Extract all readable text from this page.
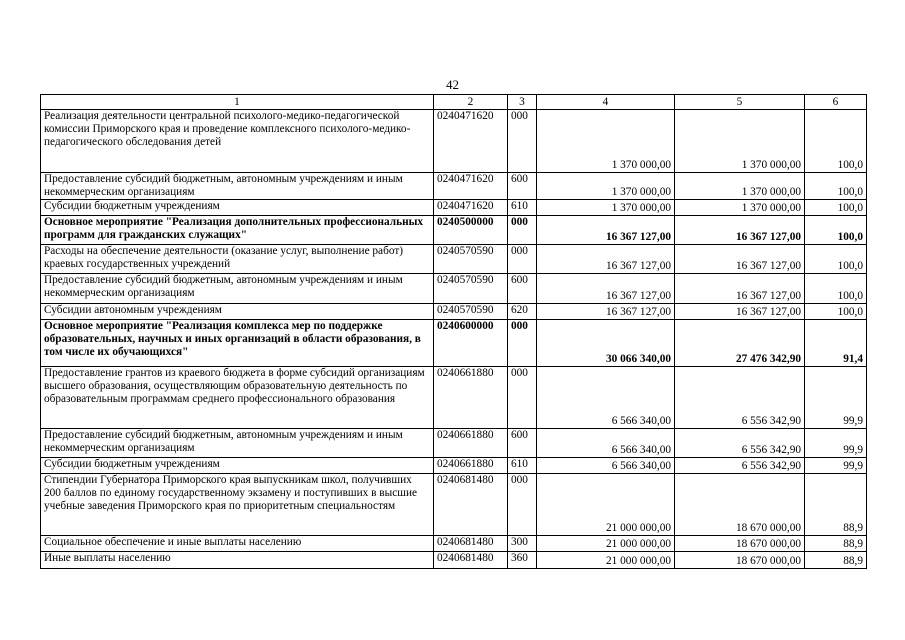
42
1	2	3	4	5	6
Реализация деятельности центральной психолого-медико-педагогической комиссии Приморского края и проведение комплексного психолого-медико-педагогического обследования детей	0240471620	000	1 370 000,00	1 370 000,00	100,0
Предоставление субсидий бюджетным, автономным учреждениям и иным некоммерческим организациям	0240471620	600	1 370 000,00	1 370 000,00	100,0
Субсидии бюджетным учреждениям	0240471620	610	1 370 000,00	1 370 000,00	100,0
Основное мероприятие "Реализация дополнительных профессиональных программ для гражданских служащих"	0240500000	000	16 367 127,00	16 367 127,00	100,0
Расходы на обеспечение деятельности (оказание услуг, выполнение работ) краевых государственных учреждений	0240570590	000	16 367 127,00	16 367 127,00	100,0
Предоставление субсидий бюджетным, автономным учреждениям и иным некоммерческим организациям	0240570590	600	16 367 127,00	16 367 127,00	100,0
Субсидии автономным учреждениям	0240570590	620	16 367 127,00	16 367 127,00	100,0
Основное мероприятие "Реализация комплекса мер по поддержке образовательных, научных и иных организаций в области образования, в том числе их обучающихся"	0240600000	000	30 066 340,00	27 476 342,90	91,4
Предоставление грантов из краевого бюджета в форме субсидий организациям высшего образования, осуществляющим образовательную деятельность по образовательным программам среднего профессионального образования	0240661880	000	6 566 340,00	6 556 342,90	99,9
Предоставление субсидий бюджетным, автономным учреждениям и иным некоммерческим организациям	0240661880	600	6 566 340,00	6 556 342,90	99,9
Субсидии бюджетным учреждениям	0240661880	610	6 566 340,00	6 556 342,90	99,9
Стипендии Губернатора Приморского края выпускникам школ, получивших 200 баллов по единому государственному экзамену и поступивших в высшие учебные заведения Приморского края по приоритетным специальностям	0240681480	000	21 000 000,00	18 670 000,00	88,9
Социальное обеспечение и иные выплаты населению	0240681480	300	21 000 000,00	18 670 000,00	88,9
Иные выплаты населению	0240681480	360	21 000 000,00	18 670 000,00	88,9
